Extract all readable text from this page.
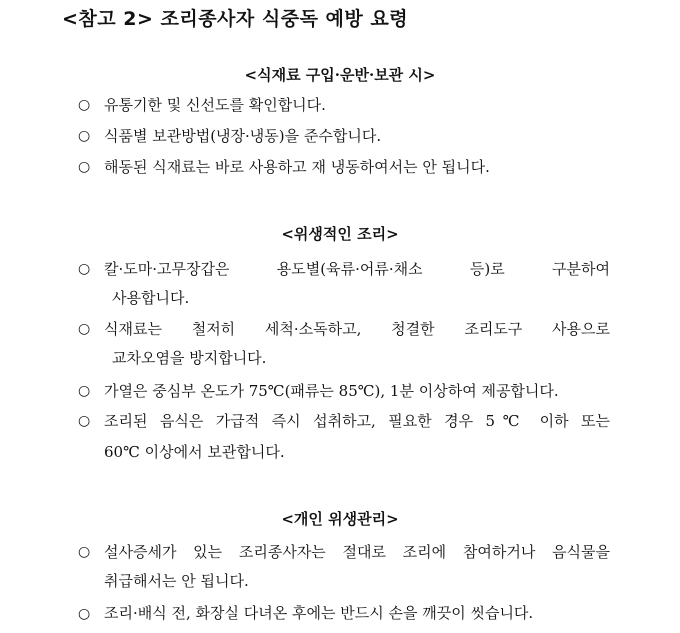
<참고 2> 조리종사자 식중독 예방 요령
<식재료 구입·운반·보관 시>
○ 유통기한 및 신선도를 확인합니다.
○ 식품별 보관방법(냉장·냉동)을 준수합니다.
○ 해동된 식재료는 바로 사용하고 재 냉동하여서는 안 됩니다.
<위생적인 조리>
○ 칼·도마·고무장갑은 용도별(육류·어류·채소 등)로 구분하여
사용합니다.
○ 식재료는 철저히 세척·소독하고, 청결한 조리도구 사용으로
교차오염을 방지합니다.
○ 가열은 중심부 온도가 75℃(패류는 85℃), 1분 이상하여 제공합니다.
○ 조리된 음식은 가급적 즉시 섭취하고, 필요한 경우 5℃ 이하 또는
60℃ 이상에서 보관합니다.
<개인 위생관리>
○ 설사증세가 있는 조리종사자는 절대로 조리에 참여하거나 음식물을
취급해서는 안 됩니다.
○ 조리·배식 전, 화장실 다녀온 후에는 반드시 손을 깨끗이 씻습니다.
